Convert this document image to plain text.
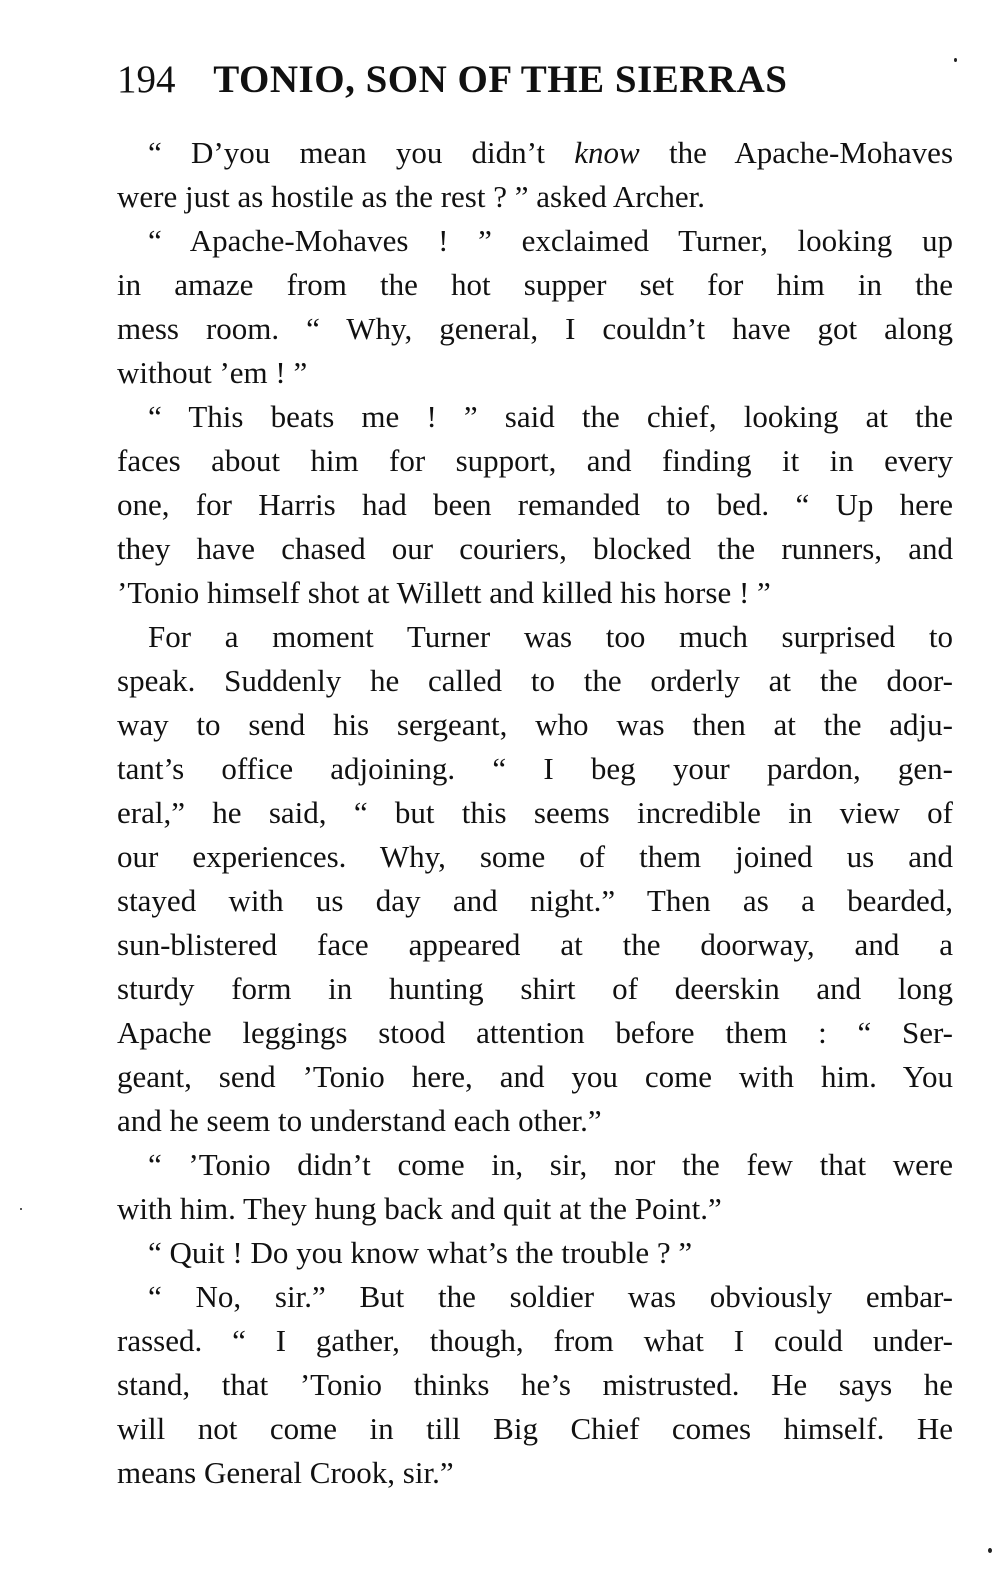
194 TONIO, SON OF THE SIERRAS
“ D’you mean you didn’t know the Apache-Mohaves
were just as hostile as the rest ? ” asked Archer.
“ Apache-Mohaves ! ” exclaimed Turner, looking up
in amaze from the hot supper set for him in the
mess room. “ Why, general, I couldn’t have got along
without ’em ! ”
“ This beats me ! ” said the chief, looking at the
faces about him for support, and finding it in every
one, for Harris had been remanded to bed. “ Up here
they have chased our couriers, blocked the runners, and
’Tonio himself shot at Willett and killed his horse ! ”
For a moment Turner was too much surprised to
speak. Suddenly he called to the orderly at the door-
way to send his sergeant, who was then at the adju-
tant’s office adjoining. “ I beg your pardon, gen-
eral,” he said, “ but this seems incredible in view of
our experiences. Why, some of them joined us and
stayed with us day and night.” Then as a bearded,
sun-blistered face appeared at the doorway, and a
sturdy form in hunting shirt of deerskin and long
Apache leggings stood attention before them : “ Ser-
geant, send ’Tonio here, and you come with him. You
and he seem to understand each other.”
“ ’Tonio didn’t come in, sir, nor the few that were
with him. They hung back and quit at the Point.”
“ Quit ! Do you know what’s the trouble ? ”
“ No, sir.” But the soldier was obviously embar-
rassed. “ I gather, though, from what I could under-
stand, that ’Tonio thinks he’s mistrusted. He says he
will not come in till Big Chief comes himself. He
means General Crook, sir.”
